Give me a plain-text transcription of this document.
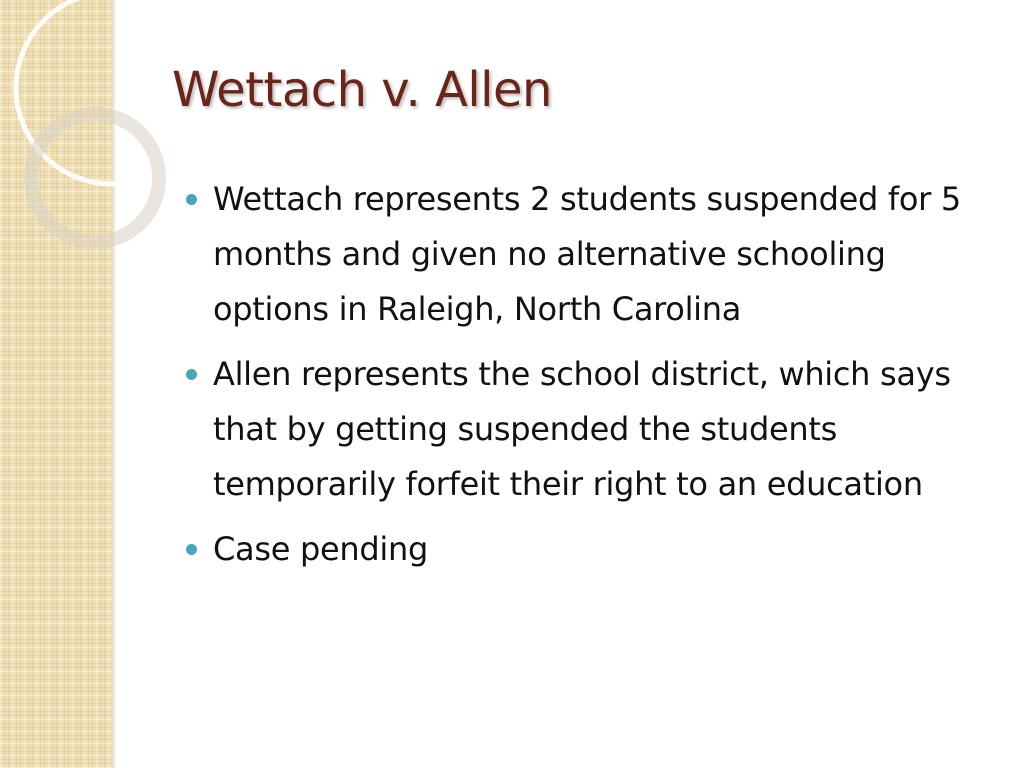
Wettach v. Allen
Wettach represents 2 students suspended for 5 months and given no alternative schooling options in Raleigh, North Carolina
Allen represents the school district, which says that by getting suspended the students temporarily forfeit their right to an education
Case pending
